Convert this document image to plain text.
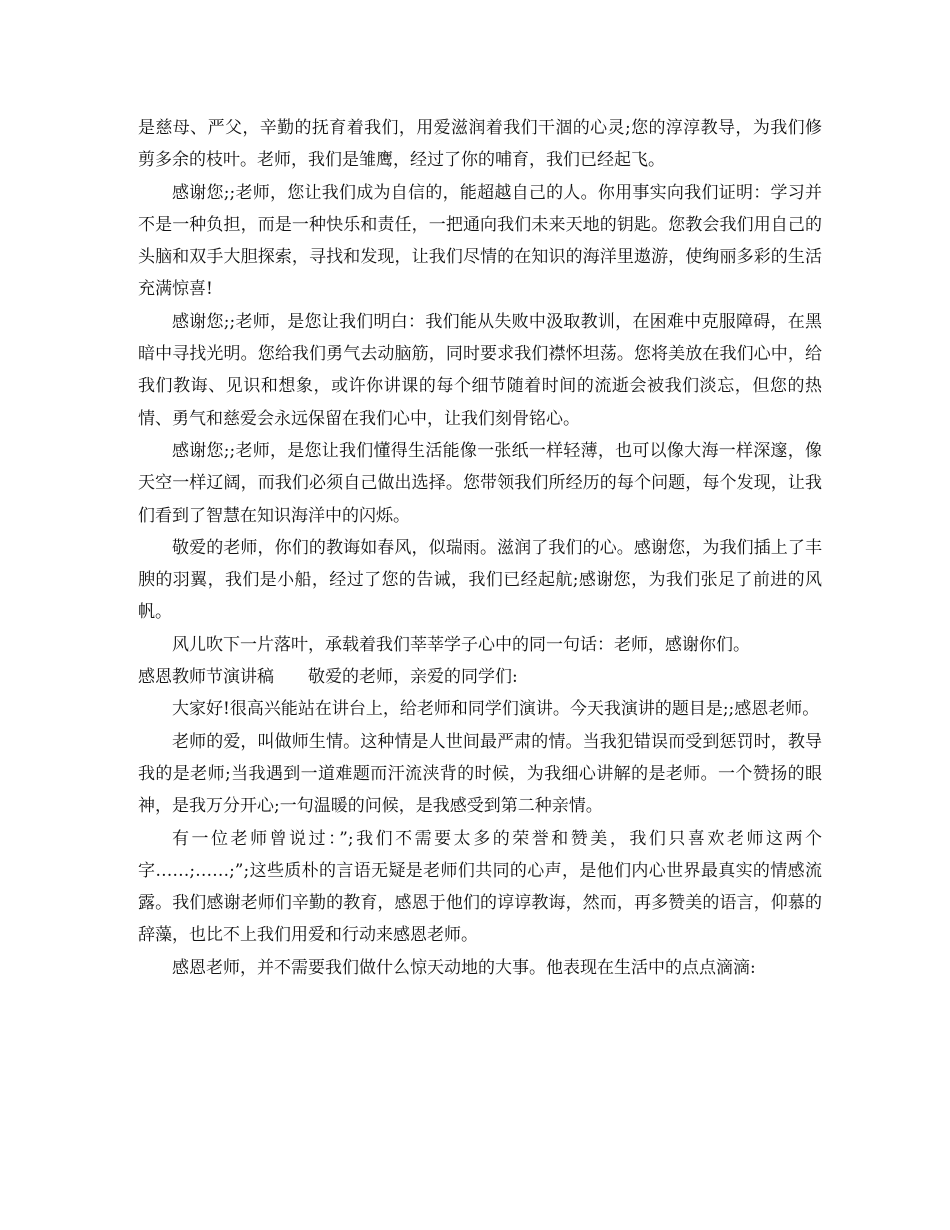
是慈母、严父，辛勤的抚育着我们，用爱滋润着我们干涸的心灵;您的淳淳教导，为我们修剪多余的枝叶。老师，我们是雏鹰，经过了你的哺育，我们已经起飞。

感谢您;;老师，您让我们成为自信的，能超越自己的人。你用事实向我们证明：学习并不是一种负担，而是一种快乐和责任，一把通向我们未来天地的钥匙。您教会我们用自己的头脑和双手大胆探索，寻找和发现，让我们尽情的在知识的海洋里遨游，使绚丽多彩的生活充满惊喜!

感谢您;;老师，是您让我们明白：我们能从失败中汲取教训，在困难中克服障碍，在黑暗中寻找光明。您给我们勇气去动脑筋，同时要求我们襟怀坦荡。您将美放在我们心中，给我们教诲、见识和想象，或许你讲课的每个细节随着时间的流逝会被我们淡忘，但您的热情、勇气和慈爱会永远保留在我们心中，让我们刻骨铭心。

感谢您;;老师，是您让我们懂得生活能像一张纸一样轻薄，也可以像大海一样深邃，像天空一样辽阔，而我们必须自己做出选择。您带领我们所经历的每个问题，每个发现，让我们看到了智慧在知识海洋中的闪烁。

敬爱的老师，你们的教诲如春风，似瑞雨。滋润了我们的心。感谢您，为我们插上了丰腴的羽翼，我们是小船，经过了您的告诫，我们已经起航;感谢您，为我们张足了前进的风帆。

风儿吹下一片落叶，承载着我们莘莘学子心中的同一句话：老师，感谢你们。

感恩教师节演讲稿　　敬爱的老师，亲爱的同学们:

大家好!很高兴能站在讲台上，给老师和同学们演讲。今天我演讲的题目是;;感恩老师。

老师的爱，叫做师生情。这种情是人世间最严肃的情。当我犯错误而受到惩罚时，教导我的是老师;当我遇到一道难题而汗流浃背的时候，为我细心讲解的是老师。一个赞扬的眼神，是我万分开心;一句温暖的问候，是我感受到第二种亲情。

有一位老师曾说过：”;我们不需要太多的荣誉和赞美，我们只喜欢老师这两个字……;……;”;这些质朴的言语无疑是老师们共同的心声，是他们内心世界最真实的情感流露。我们感谢老师们辛勤的教育，感恩于他们的谆谆教诲，然而，再多赞美的语言，仰慕的辞藻，也比不上我们用爱和行动来感恩老师。

感恩老师，并不需要我们做什么惊天动地的大事。他表现在生活中的点点滴滴:
